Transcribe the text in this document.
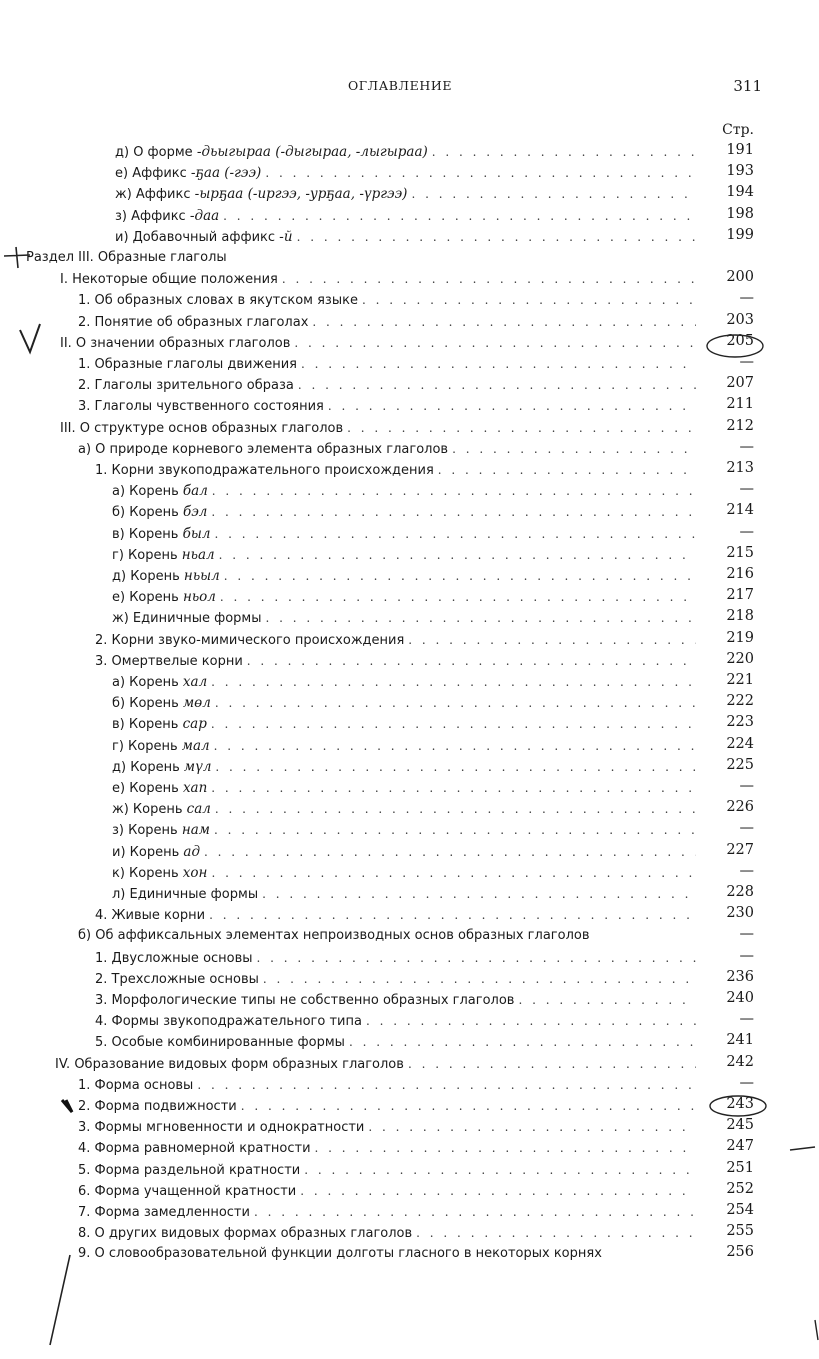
ОГЛАВЛЕНИЕ	311
Стр.
д) О форме -дьыгыраа (-дыгыраа, -лыгыраа) . . .	191
е) Аффикс -ҕаа (-гээ) . . .	193
ж) Аффикс -ырҕаа (-иргээ, -урҕаа, -үргээ) . . .	194
з) Аффикс -даа . . .	198
и) Добавочный аффикс -й . . .	199
Раздел III. Образные глаголы
I. Некоторые общие положения . . .	200
1. Об образных словах в якутском языке . . .	—
2. Понятие об образных глаголах . . .	203
II. О значении образных глаголов . . .	205
1. Образные глаголы движения . . .	—
2. Глаголы зрительного образа . . .	207
3. Глаголы чувственного состояния . . .	211
III. О структуре основ образных глаголов . . .	212
а) О природе корневого элемента образных глаголов . . .	—
1. Корни звукоподражательного происхождения . . .	213
а) Корень бал . . .	—
б) Корень бэл . . .	214
в) Корень был . . .	—
г) Корень ньал . . .	215
д) Корень ньыл . . .	216
е) Корень ньол . . .	217
ж) Единичные формы . . .	218
2. Корни звуко-мимического происхождения . . .	219
3. Омертвелые корни . . .	220
а) Корень хал . . .	221
б) Корень мөл . . .	222
в) Корень сар . . .	223
г) Корень мал . . .	224
д) Корень мүл . . .	225
е) Корень хап . . .	—
ж) Корень сал . . .	226
з) Корень нам . . .	—
и) Корень ад . . .	227
к) Корень хон . . .	—
л) Единичные формы . . .	228
4. Живые корни . . .	230
б) Об аффиксальных элементах непроизводных основ образных глаголов	—
1. Двусложные основы . . .	—
2. Трехсложные основы . . .	236
3. Морфологические типы не собственно образных глаголов . . .	240
4. Формы звукоподражательного типа . . .	—
5. Особые комбинированные формы . . .	241
IV. Образование видовых форм образных глаголов . . .	242
1. Форма основы . . .	—
2. Форма подвижности . . .	243
3. Формы мгновенности и однократности . . .	245
4. Форма равномерной кратности . . .	247
5. Форма раздельной кратности . . .	251
6. Форма учащенной кратности . . .	252
7. Форма замедленности . . .	254
8. О других видовых формах образных глаголов . . .	255
9. О словообразовательной функции долготы гласного в некоторых корнях	256
